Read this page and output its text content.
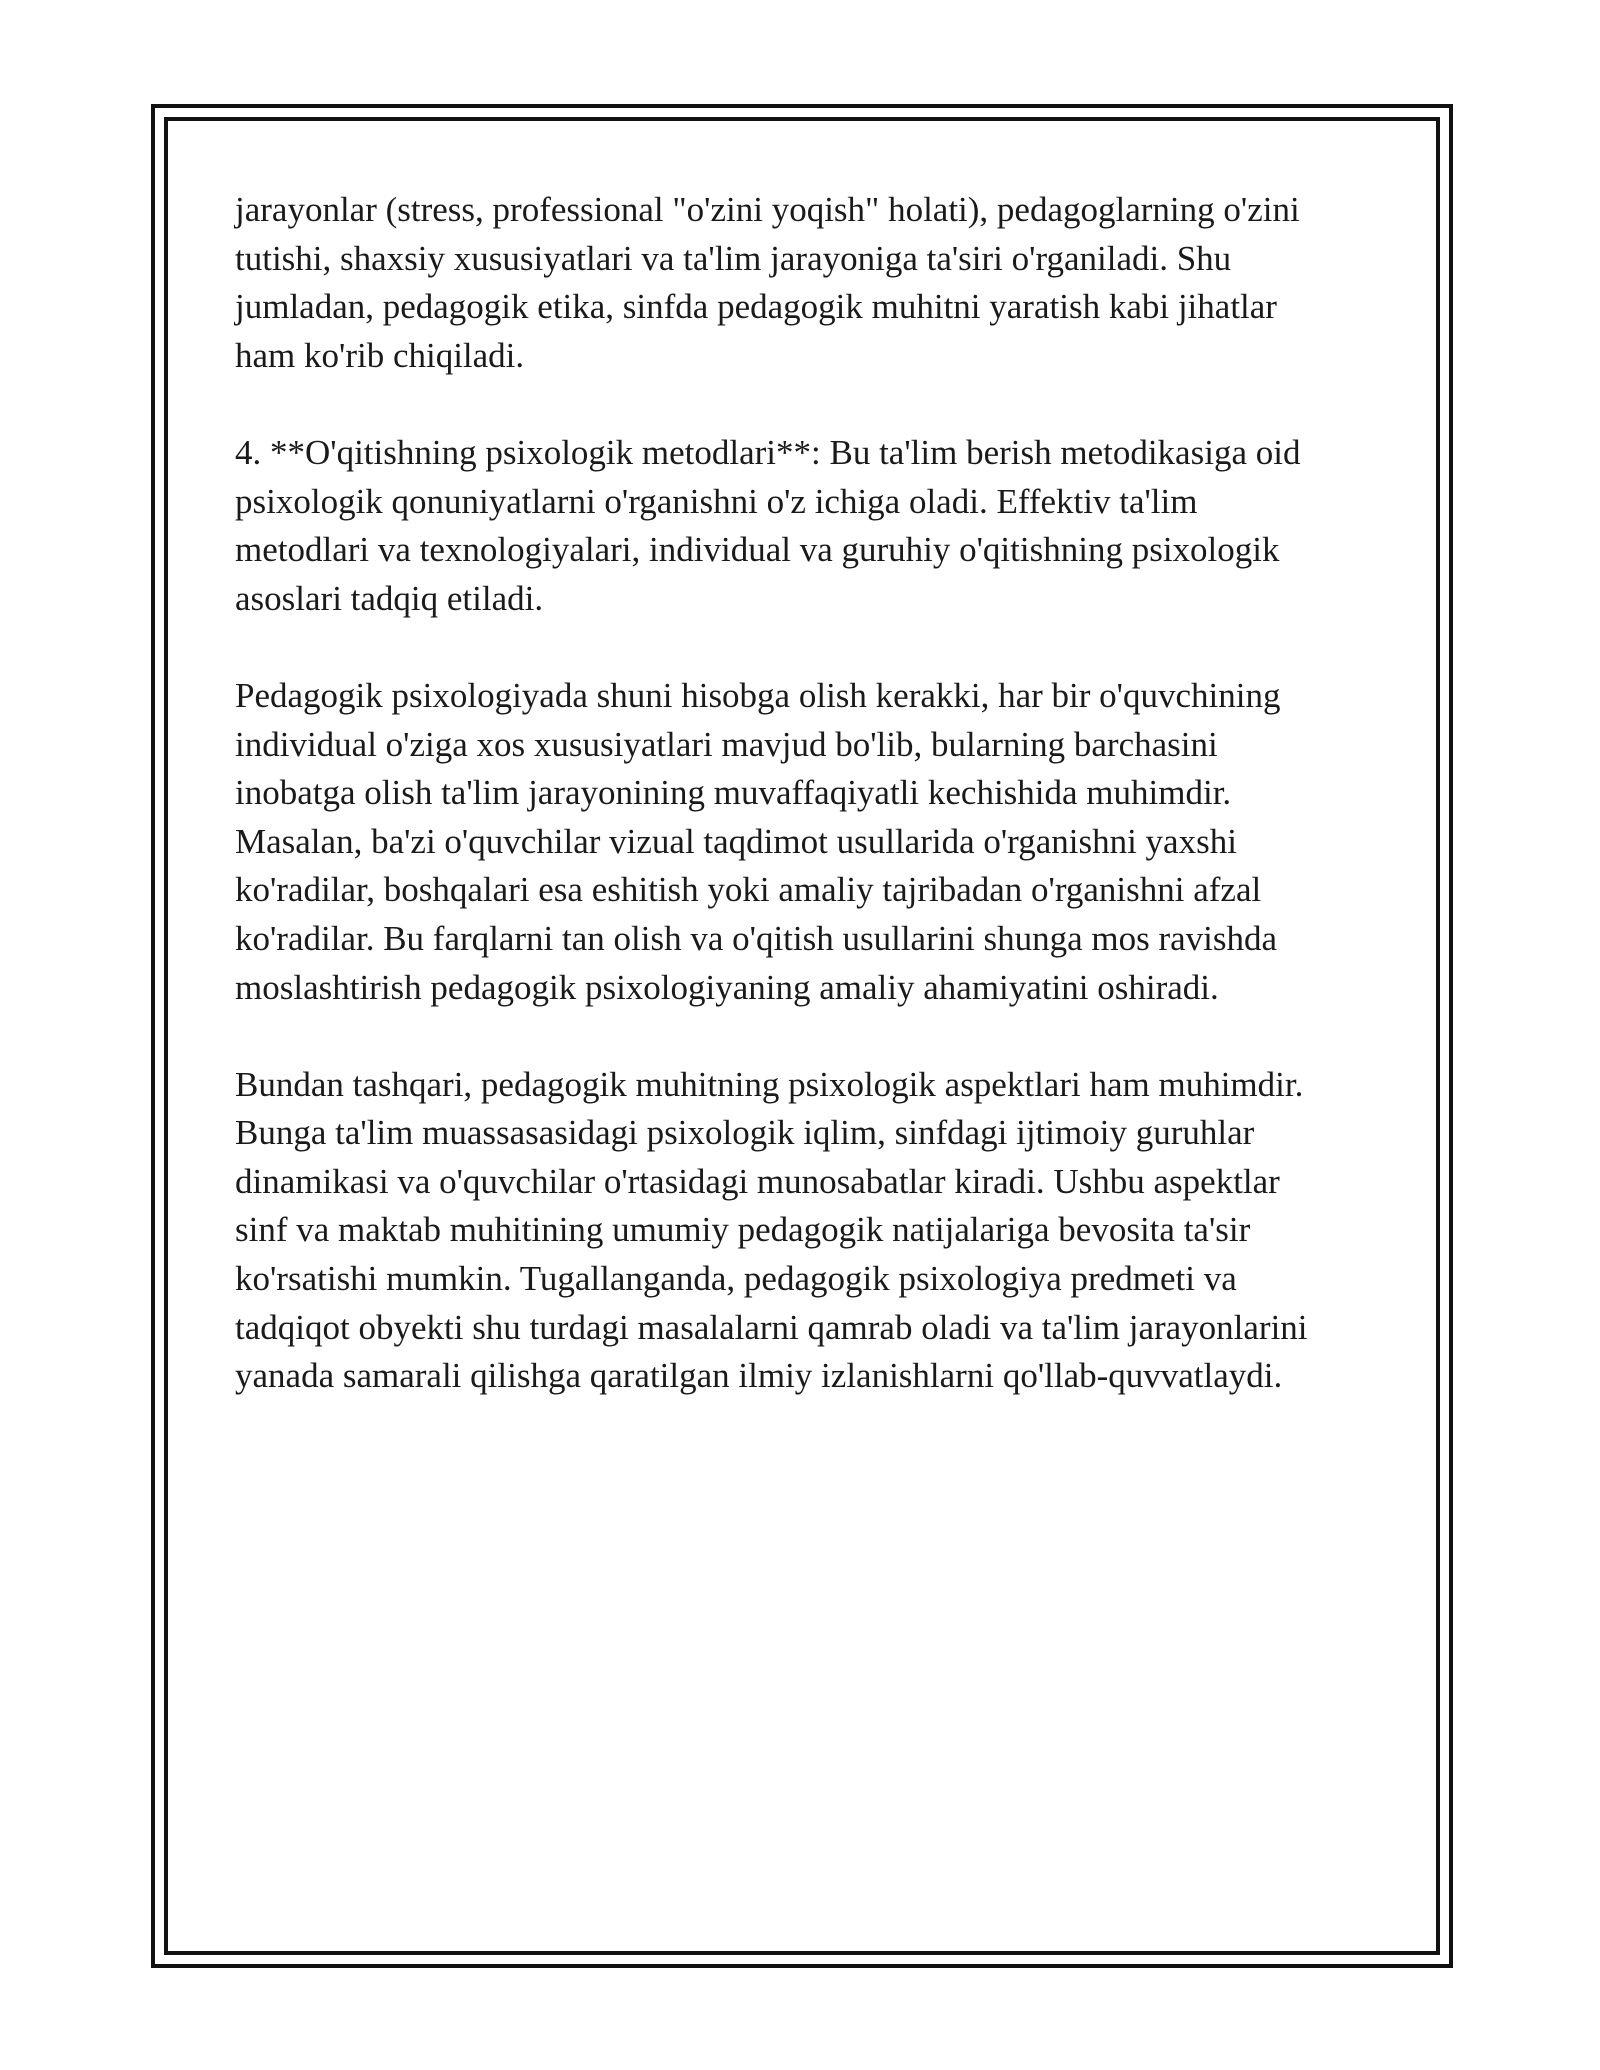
jarayonlar (stress, professional "o'zini yoqish" holati), pedagoglarning o'zini
tutishi, shaxsiy xususiyatlari va ta'lim jarayoniga ta'siri o'rganiladi. Shu
jumladan, pedagogik etika, sinfda pedagogik muhitni yaratish kabi jihatlar
ham ko'rib chiqiladi.

4. **O'qitishning psixologik metodlari**: Bu ta'lim berish metodikasiga oid
psixologik qonuniyatlarni o'rganishni o'z ichiga oladi. Effektiv ta'lim
metodlari va texnologiyalari, individual va guruhiy o'qitishning psixologik
asoslari tadqiq etiladi.

Pedagogik psixologiyada shuni hisobga olish kerakki, har bir o'quvchining
individual o'ziga xos xususiyatlari mavjud bo'lib, bularning barchasini
inobatga olish ta'lim jarayonining muvaffaqiyatli kechishida muhimdir.
Masalan, ba'zi o'quvchilar vizual taqdimot usullarida o'rganishni yaxshi
ko'radilar, boshqalari esa eshitish yoki amaliy tajribadan o'rganishni afzal
ko'radilar. Bu farqlarni tan olish va o'qitish usullarini shunga mos ravishda
moslashtirish pedagogik psixologiyaning amaliy ahamiyatini oshiradi.

Bundan tashqari, pedagogik muhitning psixologik aspektlari ham muhimdir.
Bunga ta'lim muassasasidagi psixologik iqlim, sinfdagi ijtimoiy guruhlar
dinamikasi va o'quvchilar o'rtasidagi munosabatlar kiradi. Ushbu aspektlar
sinf va maktab muhitining umumiy pedagogik natijalariga bevosita ta'sir
ko'rsatishi mumkin. Tugallanganda, pedagogik psixologiya predmeti va
tadqiqot obyekti shu turdagi masalalarni qamrab oladi va ta'lim jarayonlarini
yanada samarali qilishga qaratilgan ilmiy izlanishlarni qo'llab-quvvatlaydi.
